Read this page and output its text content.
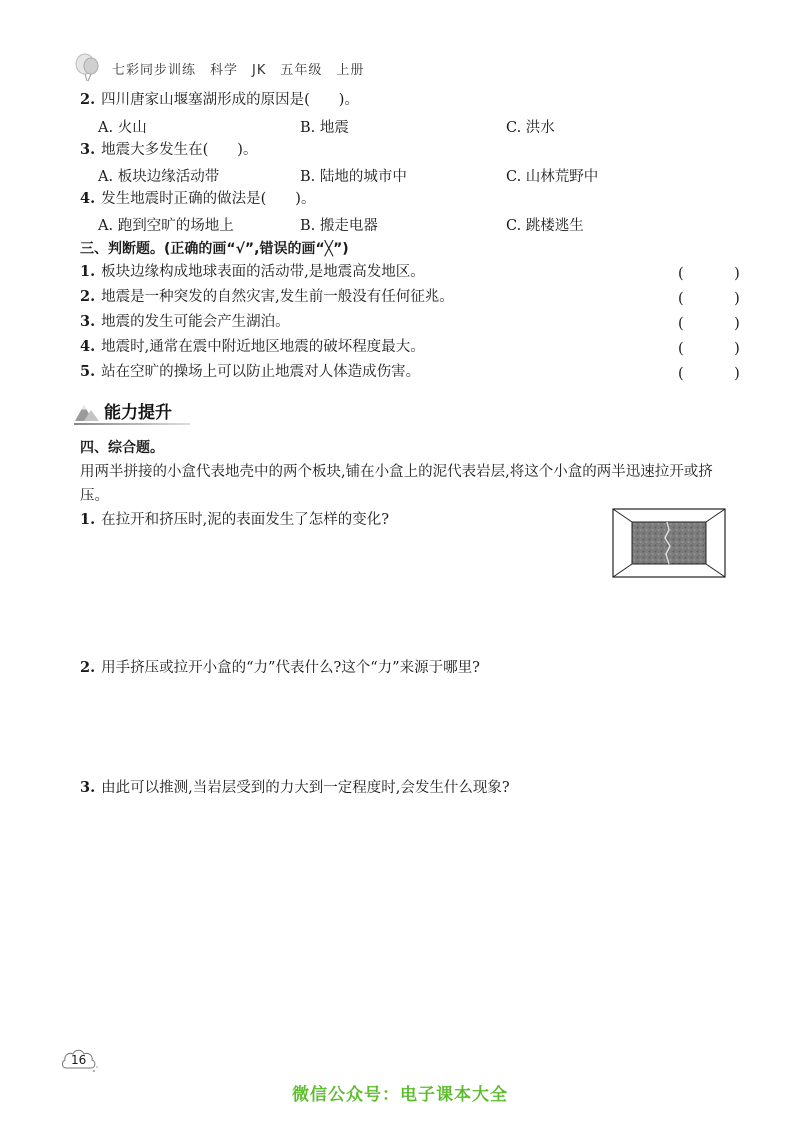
七彩同步训练　科学　JK　五年级　上册
2. 四川唐家山堰塞湖形成的原因是(　　)。
A. 火山	B. 地震	C. 洪水
3. 地震大多发生在(　　)。
A. 板块边缘活动带	B. 陆地的城市中	C. 山林荒野中
4. 发生地震时正确的做法是(　　)。
A. 跑到空旷的场地上	B. 搬走电器	C. 跳楼逃生
三、判断题。(正确的画“√”,错误的画“╳”)
1. 板块边缘构成地球表面的活动带,是地震高发地区。	(　)
2. 地震是一种突发的自然灾害,发生前一般没有任何征兆。	(　)
3. 地震的发生可能会产生湖泊。	(　)
4. 地震时,通常在震中附近地区地震的破坏程度最大。	(　)
5. 站在空旷的操场上可以防止地震对人体造成伤害。	(　)
能力提升
四、综合题。
用两半拼接的小盒代表地壳中的两个板块,铺在小盒上的泥代表岩层,将这个小盒的两半迅速拉开或挤压。
1. 在拉开和挤压时,泥的表面发生了怎样的变化?
2. 用手挤压或拉开小盒的“力”代表什么?这个“力”来源于哪里?
3. 由此可以推测,当岩层受到的力大到一定程度时,会发生什么现象?
16
微信公众号：电子课本大全
